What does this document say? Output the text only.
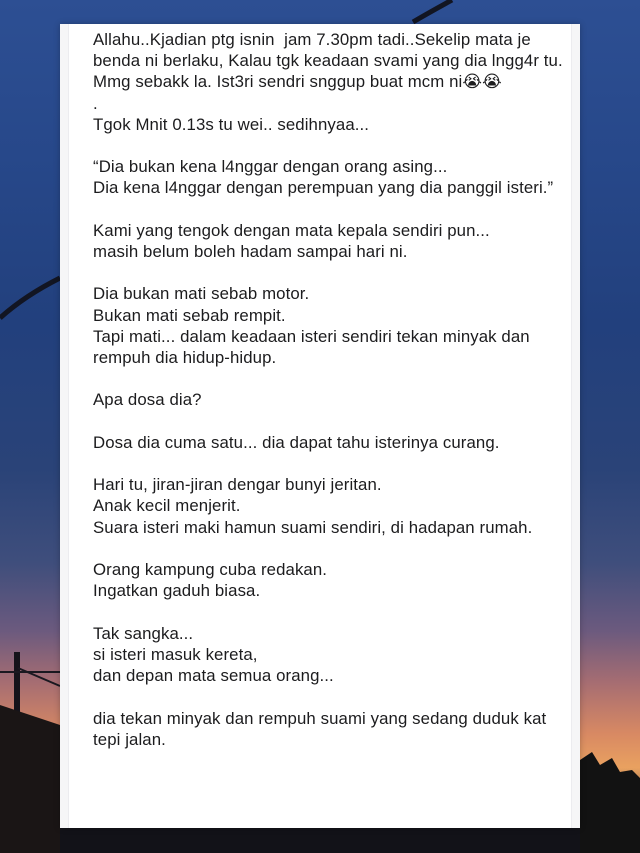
Allahu..Kjadian ptg isnin  jam 7.30pm tadi..Sekelip mata je benda ni berlaku, Kalau tgk keadaan svami yang dia lngg4r tu. Mmg sebakk la. Ist3ri sendri snggup buat mcm ni😭😭

.

Tgok Mnit 0.13s tu wei.. sedihnyaa...

“Dia bukan kena l4nggar dengan orang asing...

Dia kena l4nggar dengan perempuan yang dia panggil isteri.”

Kami yang tengok dengan mata kepala sendiri pun...

masih belum boleh hadam sampai hari ni.

Dia bukan mati sebab motor.

Bukan mati sebab rempit.

Tapi mati... dalam keadaan isteri sendiri tekan minyak dan rempuh dia hidup-hidup.

Apa dosa dia?

Dosa dia cuma satu... dia dapat tahu isterinya curang.

Hari tu, jiran-jiran dengar bunyi jeritan.

Anak kecil menjerit.

Suara isteri maki hamun suami sendiri, di hadapan rumah.

Orang kampung cuba redakan.

Ingatkan gaduh biasa.

Tak sangka...

si isteri masuk kereta,

dan depan mata semua orang...

dia tekan minyak dan rempuh suami yang sedang duduk kat tepi jalan.
